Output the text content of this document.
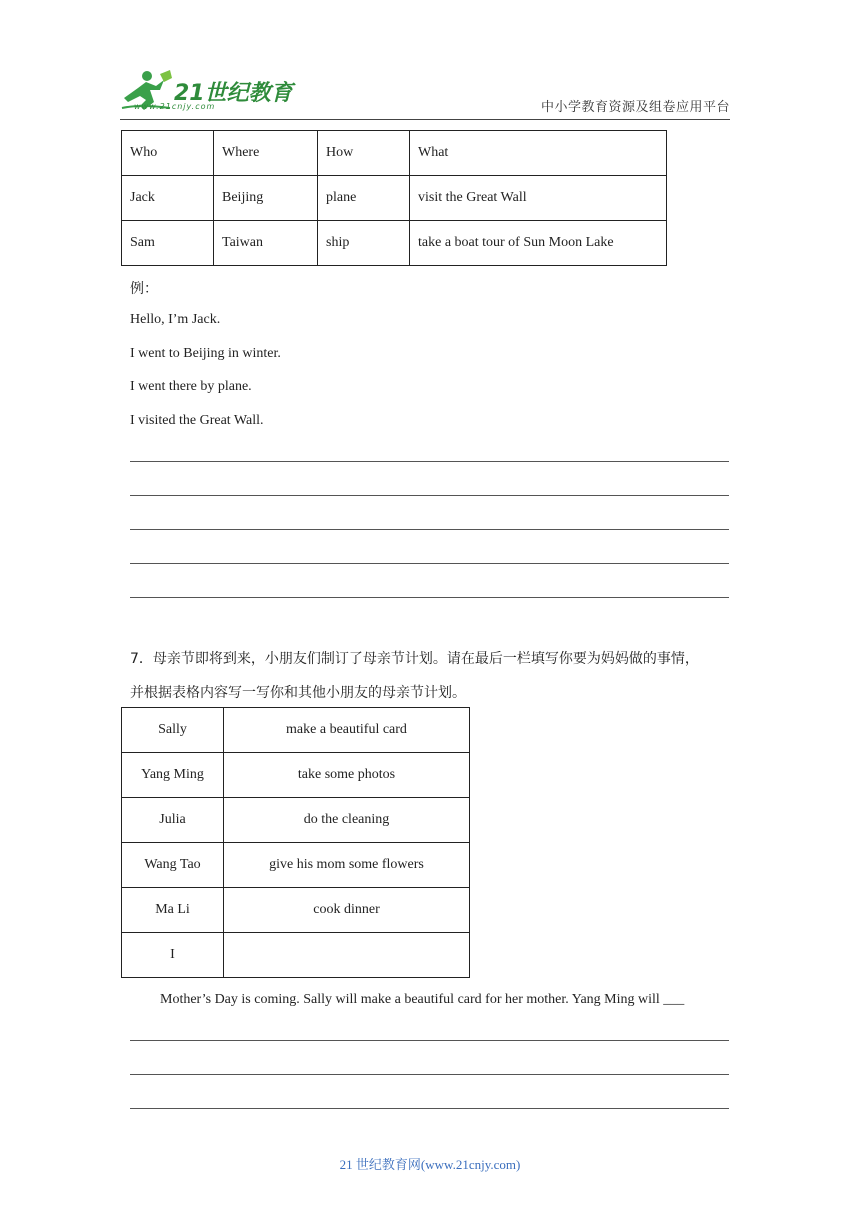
21世纪教育
www.21cnjy.com	中小学教育资源及组卷应用平台
Who	Where	How	What
Jack	Beijing	plane	visit the Great Wall
Sam	Taiwan	ship	take a boat tour of Sun Moon Lake
例：
Hello, I’m Jack.
I went to Beijing in winter.
I went there by plane.
I visited the Great Wall.
7．母亲节即将到来，小朋友们制订了母亲节计划。请在最后一栏填写你要为妈妈做的事情，
并根据表格内容写一写你和其他小朋友的母亲节计划。
Sally	make a beautiful card
Yang Ming	take some photos
Julia	do the cleaning
Wang Tao	give his mom some flowers
Ma Li	cook dinner
I	
Mother’s Day is coming. Sally will make a beautiful card for her mother. Yang Ming will ___
21 世纪教育网(www.21cnjy.com)
